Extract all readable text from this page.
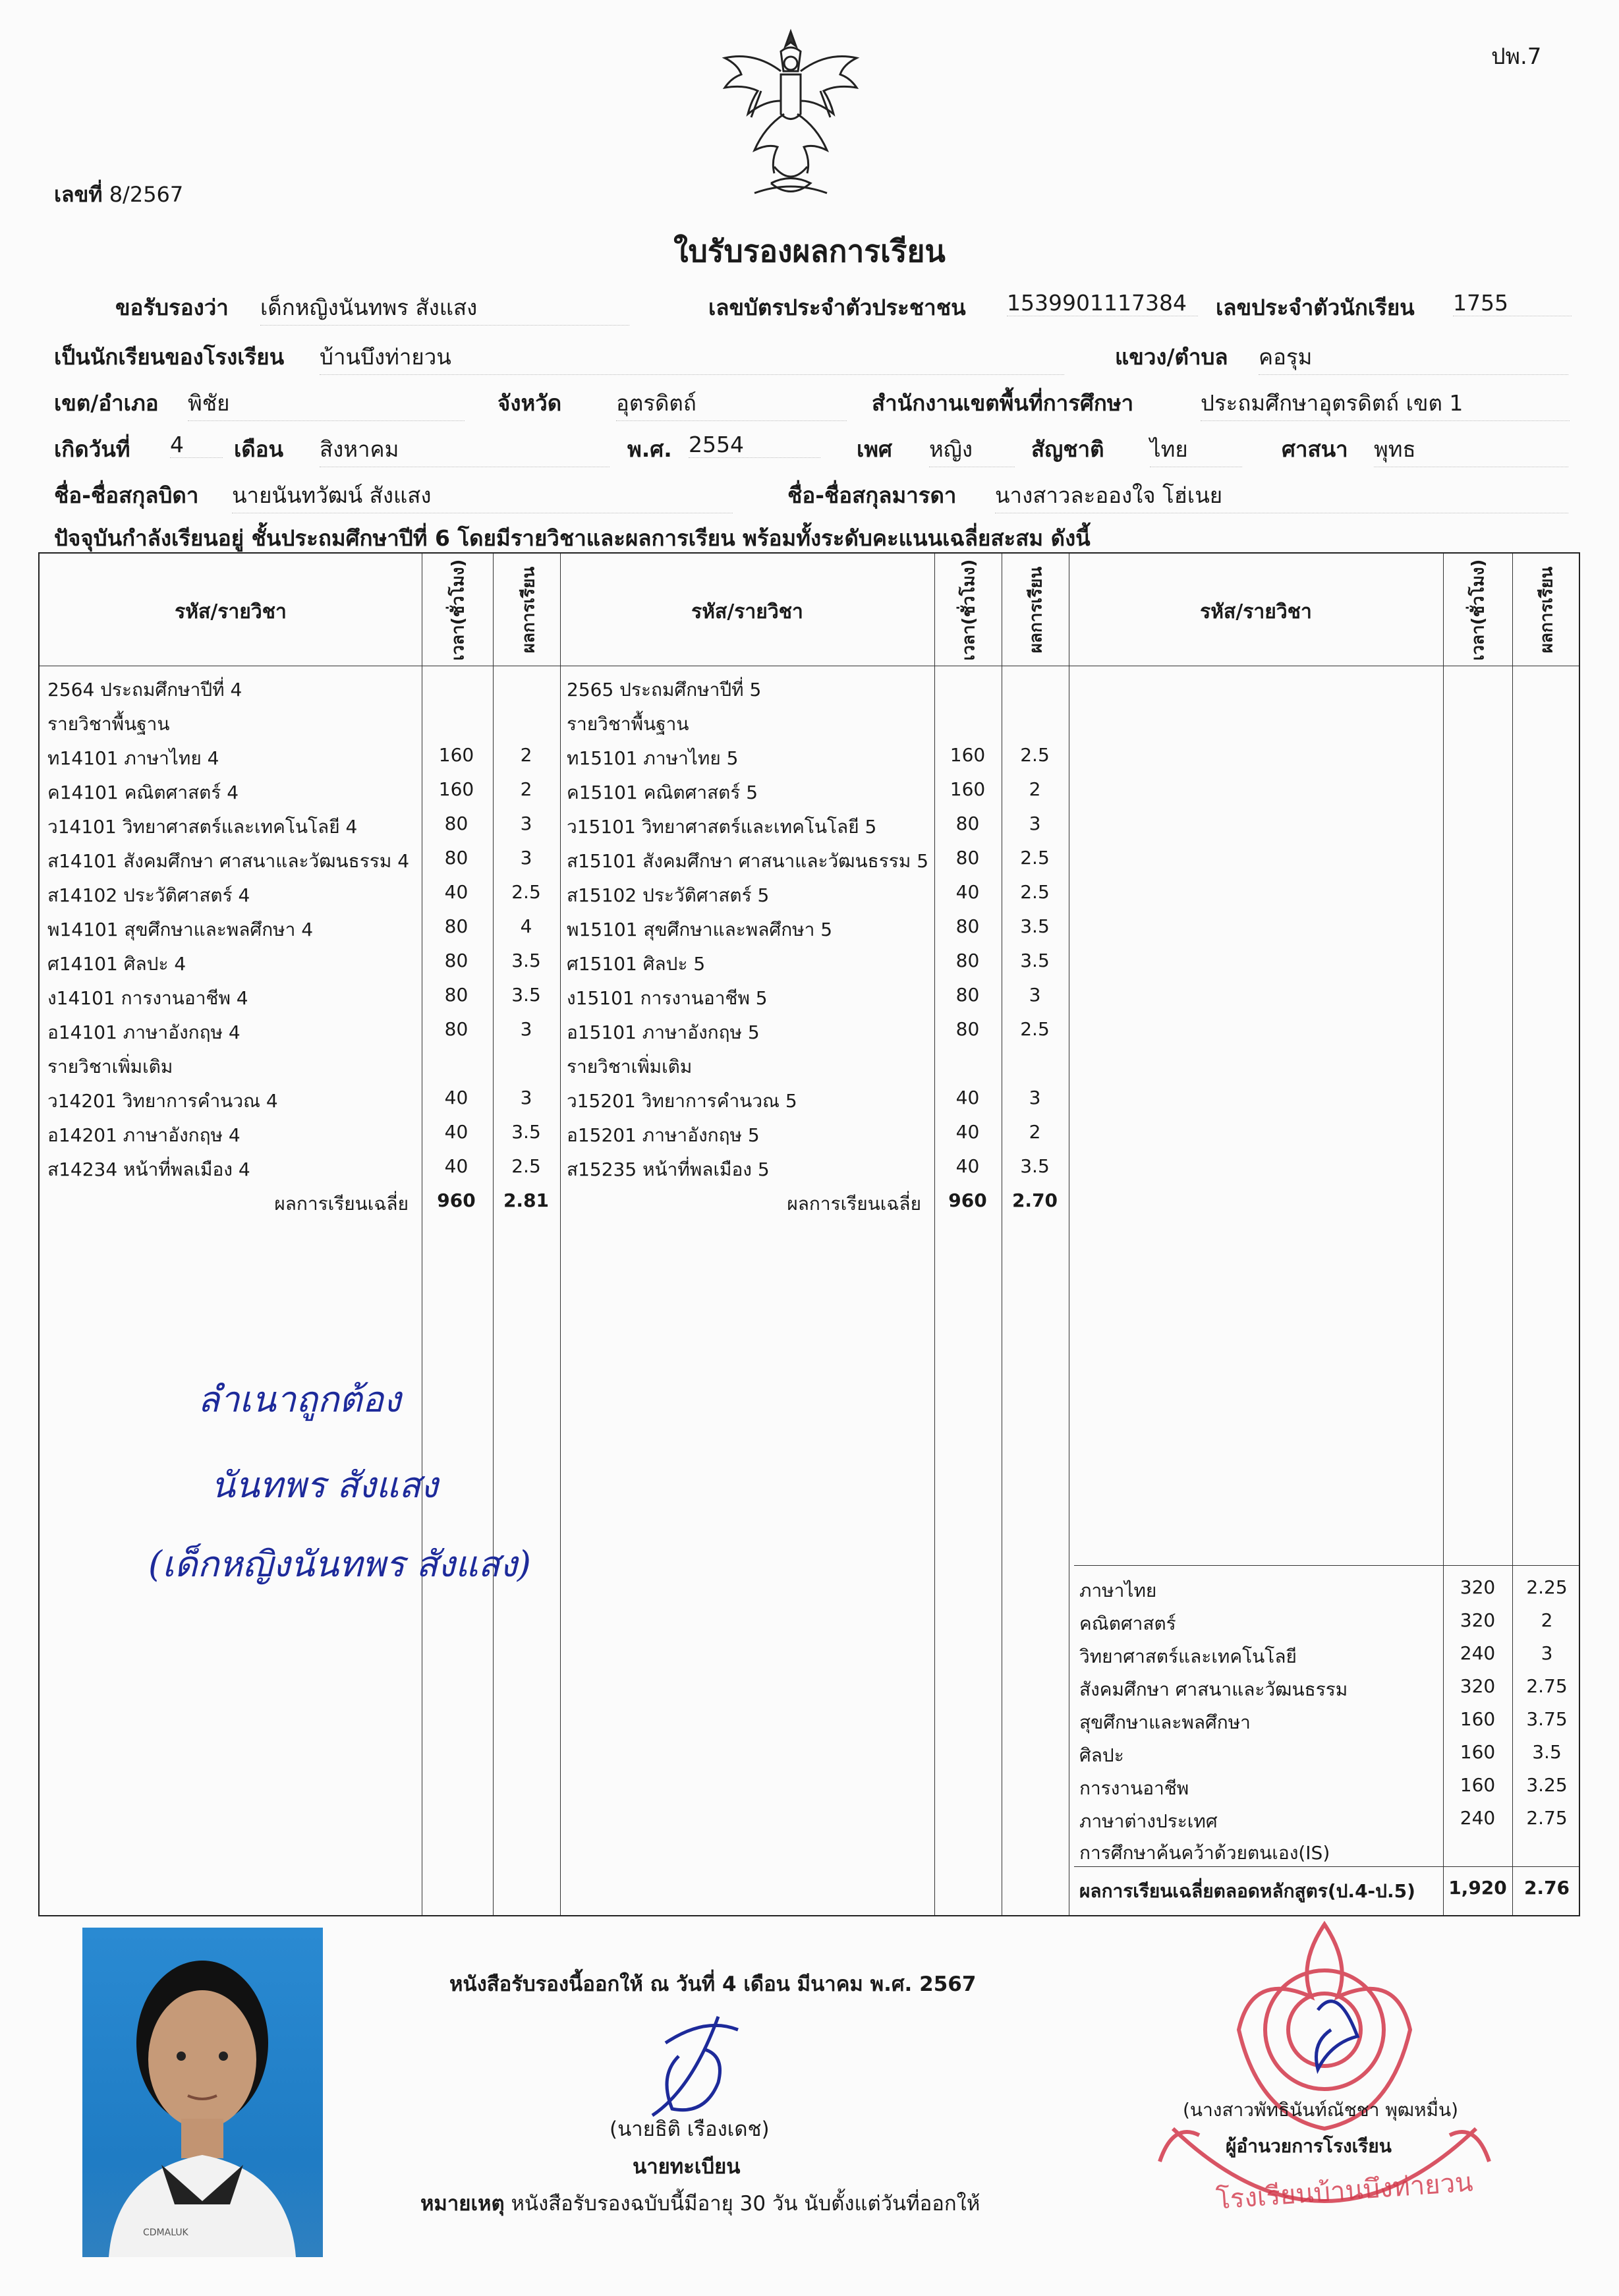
ปพ.7
เลขที่ 8/2567
ใบรับรองผลการเรียน
ขอรับรองว่า เด็กหญิงนันทพร สังแสง	เลขบัตรประจำตัวประชาชน 1539901117384	เลขประจำตัวนักเรียน 1755
เป็นนักเรียนของโรงเรียน บ้านบึงท่ายวน	แขวง/ตำบล คอรุม
เขต/อำเภอ พิชัย	จังหวัด	อุตรดิตถ์	สำนักงานเขตพื้นที่การศึกษา	ประถมศึกษาอุตรดิตถ์ เขต 1
เกิดวันที่ 4	เดือน สิงหาคม	พ.ศ. 2554	เพศ หญิง	สัญชาติ ไทย	ศาสนา พุทธ
ชื่อ-ชื่อสกุลบิดา นายนันทวัฒน์ สังแสง	ชื่อ-ชื่อสกุลมารดา นางสาวละอองใจ โฮ่เนย
ปัจจุบันกำลังเรียนอยู่ ชั้นประถมศึกษาปีที่ 6 โดยมีรายวิชาและผลการเรียน พร้อมทั้งระดับคะแนนเฉลี่ยสะสม ดังนี้
รหัส/รายวิชา	เวลา(ชั่วโมง)	ผลการเรียน	รหัส/รายวิชา	เวลา(ชั่วโมง)	ผลการเรียน	รหัส/รายวิชา	เวลา(ชั่วโมง)	ผลการเรียน
2564 ประถมศึกษาปีที่ 4
รายวิชาพื้นฐาน
ท14101 ภาษาไทย 4	160	2
ค14101 คณิตศาสตร์ 4	160	2
ว14101 วิทยาศาสตร์และเทคโนโลยี 4	80	3
ส14101 สังคมศึกษา ศาสนาและวัฒนธรรม 4	80	3
ส14102 ประวัติศาสตร์ 4	40	2.5
พ14101 สุขศึกษาและพลศึกษา 4	80	4
ศ14101 ศิลปะ 4	80	3.5
ง14101 การงานอาชีพ 4	80	3.5
อ14101 ภาษาอังกฤษ 4	80	3
รายวิชาเพิ่มเติม
ว14201 วิทยาการคำนวณ 4	40	3
อ14201 ภาษาอังกฤษ 4	40	3.5
ส14234 หน้าที่พลเมือง 4	40	2.5
ผลการเรียนเฉลี่ย	960	2.81
2565 ประถมศึกษาปีที่ 5
รายวิชาพื้นฐาน
ท15101 ภาษาไทย 5	160	2.5
ค15101 คณิตศาสตร์ 5	160	2
ว15101 วิทยาศาสตร์และเทคโนโลยี 5	80	3
ส15101 สังคมศึกษา ศาสนาและวัฒนธรรม 5	80	2.5
ส15102 ประวัติศาสตร์ 5	40	2.5
พ15101 สุขศึกษาและพลศึกษา 5	80	3.5
ศ15101 ศิลปะ 5	80	3.5
ง15101 การงานอาชีพ 5	80	3
อ15101 ภาษาอังกฤษ 5	80	2.5
รายวิชาเพิ่มเติม
ว15201 วิทยาการคำนวณ 5	40	3
อ15201 ภาษาอังกฤษ 5	40	2
ส15235 หน้าที่พลเมือง 5	40	3.5
ผลการเรียนเฉลี่ย	960	2.70
ภาษาไทย	320	2.25
คณิตศาสตร์	320	2
วิทยาศาสตร์และเทคโนโลยี	240	3
สังคมศึกษา ศาสนาและวัฒนธรรม	320	2.75
สุขศึกษาและพลศึกษา	160	3.75
ศิลปะ	160	3.5
การงานอาชีพ	160	3.25
ภาษาต่างประเทศ	240	2.75
การศึกษาค้นคว้าด้วยตนเอง(IS)
ผลการเรียนเฉลี่ยตลอดหลักสูตร(ป.4-ป.5) 1,920 2.76
ลำเนาถูกต้อง
นันทพร สังแสง
(เด็กหญิงนันทพร สังแสง)
CDMALUK
หนังสือรับรองนี้ออกให้ ณ วันที่ 4 เดือน มีนาคม พ.ศ. 2567
(นายธิติ เรืองเดช)
นายทะเบียน
หมายเหตุ หนังสือรับรองฉบับนี้มีอายุ 30 วัน นับตั้งแต่วันที่ออกให้
(นางสาวพัทธินันท์ณัชชา พุฒหมื่น)
ผู้อำนวยการโรงเรียน
โรงเรียนบ้านบึงท่ายวน
